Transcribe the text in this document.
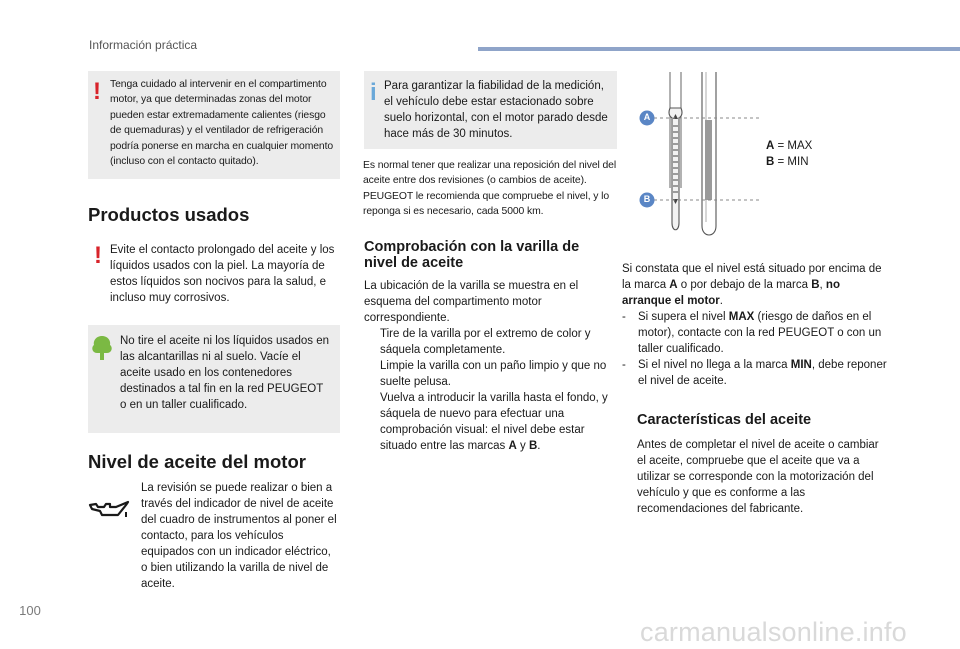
Información práctica
! Tenga cuidado al intervenir en el compartimento motor, ya que determinadas zonas del motor pueden estar extremadamente calientes (riesgo de quemaduras) y el ventilador de refrigeración podría ponerse en marcha en cualquier momento (incluso con el contacto quitado).

Productos usados
! Evite el contacto prolongado del aceite y los líquidos usados con la piel. La mayoría de estos líquidos son nocivos para la salud, e incluso muy corrosivos.

No tire el aceite ni los líquidos usados en las alcantarillas ni al suelo. Vacíe el aceite usado en los contenedores destinados a tal fin en la red PEUGEOT o en un taller cualificado.

Nivel de aceite del motor

La revisión se puede realizar o bien a través del indicador de nivel de aceite del cuadro de instrumentos al poner el contacto, para los vehículos equipados con un indicador eléctrico, o bien utilizando la varilla de nivel de aceite.

i Para garantizar la fiabilidad de la medición, el vehículo debe estar estacionado sobre suelo horizontal, con el motor parado desde hace más de 30 minutos.

Es normal tener que realizar una reposición del nivel del aceite entre dos revisiones (o cambios de aceite). PEUGEOT le recomienda que compruebe el nivel, y lo reponga si es necesario, cada 5000 km.

Comprobación con la varilla de nivel de aceite

La ubicación de la varilla se muestra en el esquema del compartimento motor correspondiente.

Tire de la varilla por el extremo de color y sáquela completamente.
Limpie la varilla con un paño limpio y que no suelte pelusa.
Vuelva a introducir la varilla hasta el fondo, y sáquela de nuevo para efectuar una comprobación visual: el nivel debe estar situado entre las marcas A y B.
A
B
A = MAX
B = MIN

Si constata que el nivel está situado por encima de la marca A o por debajo de la marca B, no arranque el motor.

- Si supera el nivel MAX (riesgo de daños en el motor), contacte con la red PEUGEOT o con un taller cualificado.
- Si el nivel no llega a la marca MIN, debe reponer el nivel de aceite.
Características del aceite

Antes de completar el nivel de aceite o cambiar el aceite, compruebe que el aceite que va a utilizar se corresponde con la motorización del vehículo y que es conforme a las recomendaciones del fabricante.

100
carmanualsonline.info
